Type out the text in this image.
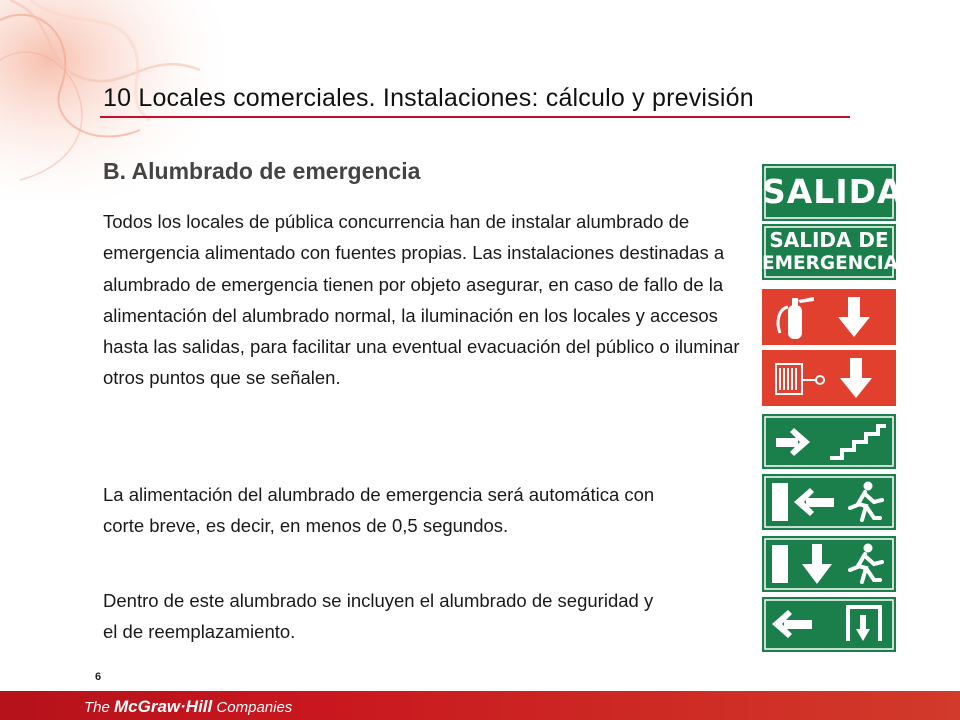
10 Locales comerciales. Instalaciones: cálculo y previsión
B. Alumbrado de emergencia

Todos los locales de pública concurrencia han de instalar alumbrado de emergencia alimentado con fuentes propias. Las instalaciones destinadas a alumbrado de emergencia tienen por objeto asegurar, en caso de fallo de la alimentación del alumbrado normal, la iluminación en los locales y accesos hasta las salidas, para facilitar una eventual evacuación del público o iluminar otros puntos que se señalen.

La alimentación del alumbrado de emergencia será automática con corte breve, es decir, en menos de 0,5 segundos.

Dentro de este alumbrado se incluyen el alumbrado de seguridad y el de reemplazamiento.

SALIDA
SALIDA DE
EMERGENCIA
6
The McGraw·Hill Companies
